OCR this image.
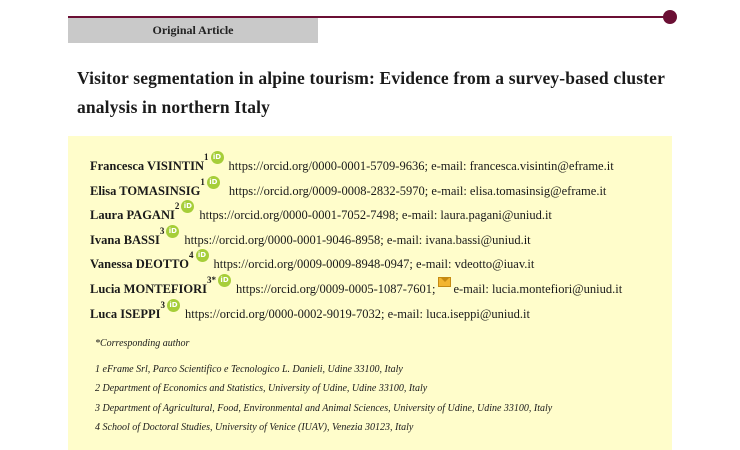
Original Article
Visitor segmentation in alpine tourism: Evidence from a survey-based cluster analysis in northern Italy
Francesca VISINTIN
1 iD
https://orcid.org/0000-0001-5709-9636; e-mail: francesca.visintin@eframe.it
Elisa TOMASINSIG
1 iD
https://orcid.org/0009-0008-2832-5970; e-mail: elisa.tomasinsig@eframe.it
Laura PAGANI
2 iD
https://orcid.org/0000-0001-7052-7498; e-mail: laura.pagani@uniud.it
Ivana BASSI
3 iD
https://orcid.org/0000-0001-9046-8958; e-mail: ivana.bassi@uniud.it
Vanessa DEOTTO
4 iD
https://orcid.org/0009-0009-8948-0947; e-mail: vdeotto@iuav.it
Lucia MONTEFIORI
3* iD
https://orcid.org/0009-0005-1087-7601; e-mail: lucia.montefiori@uniud.it
Luca ISEPPI
3 iD
https://orcid.org/0000-0002-9019-7032; e-mail: luca.iseppi@uniud.it

*Corresponding author

1 eFrame Srl, Parco Scientifico e Tecnologico L. Danieli, Udine 33100, Italy
2 Department of Economics and Statistics, University of Udine, Udine 33100, Italy
3 Department of Agricultural, Food, Environmental and Animal Sciences, University of Udine, Udine 33100, Italy
4 School of Doctoral Studies, University of Venice (IUAV), Venezia 30123, Italy
